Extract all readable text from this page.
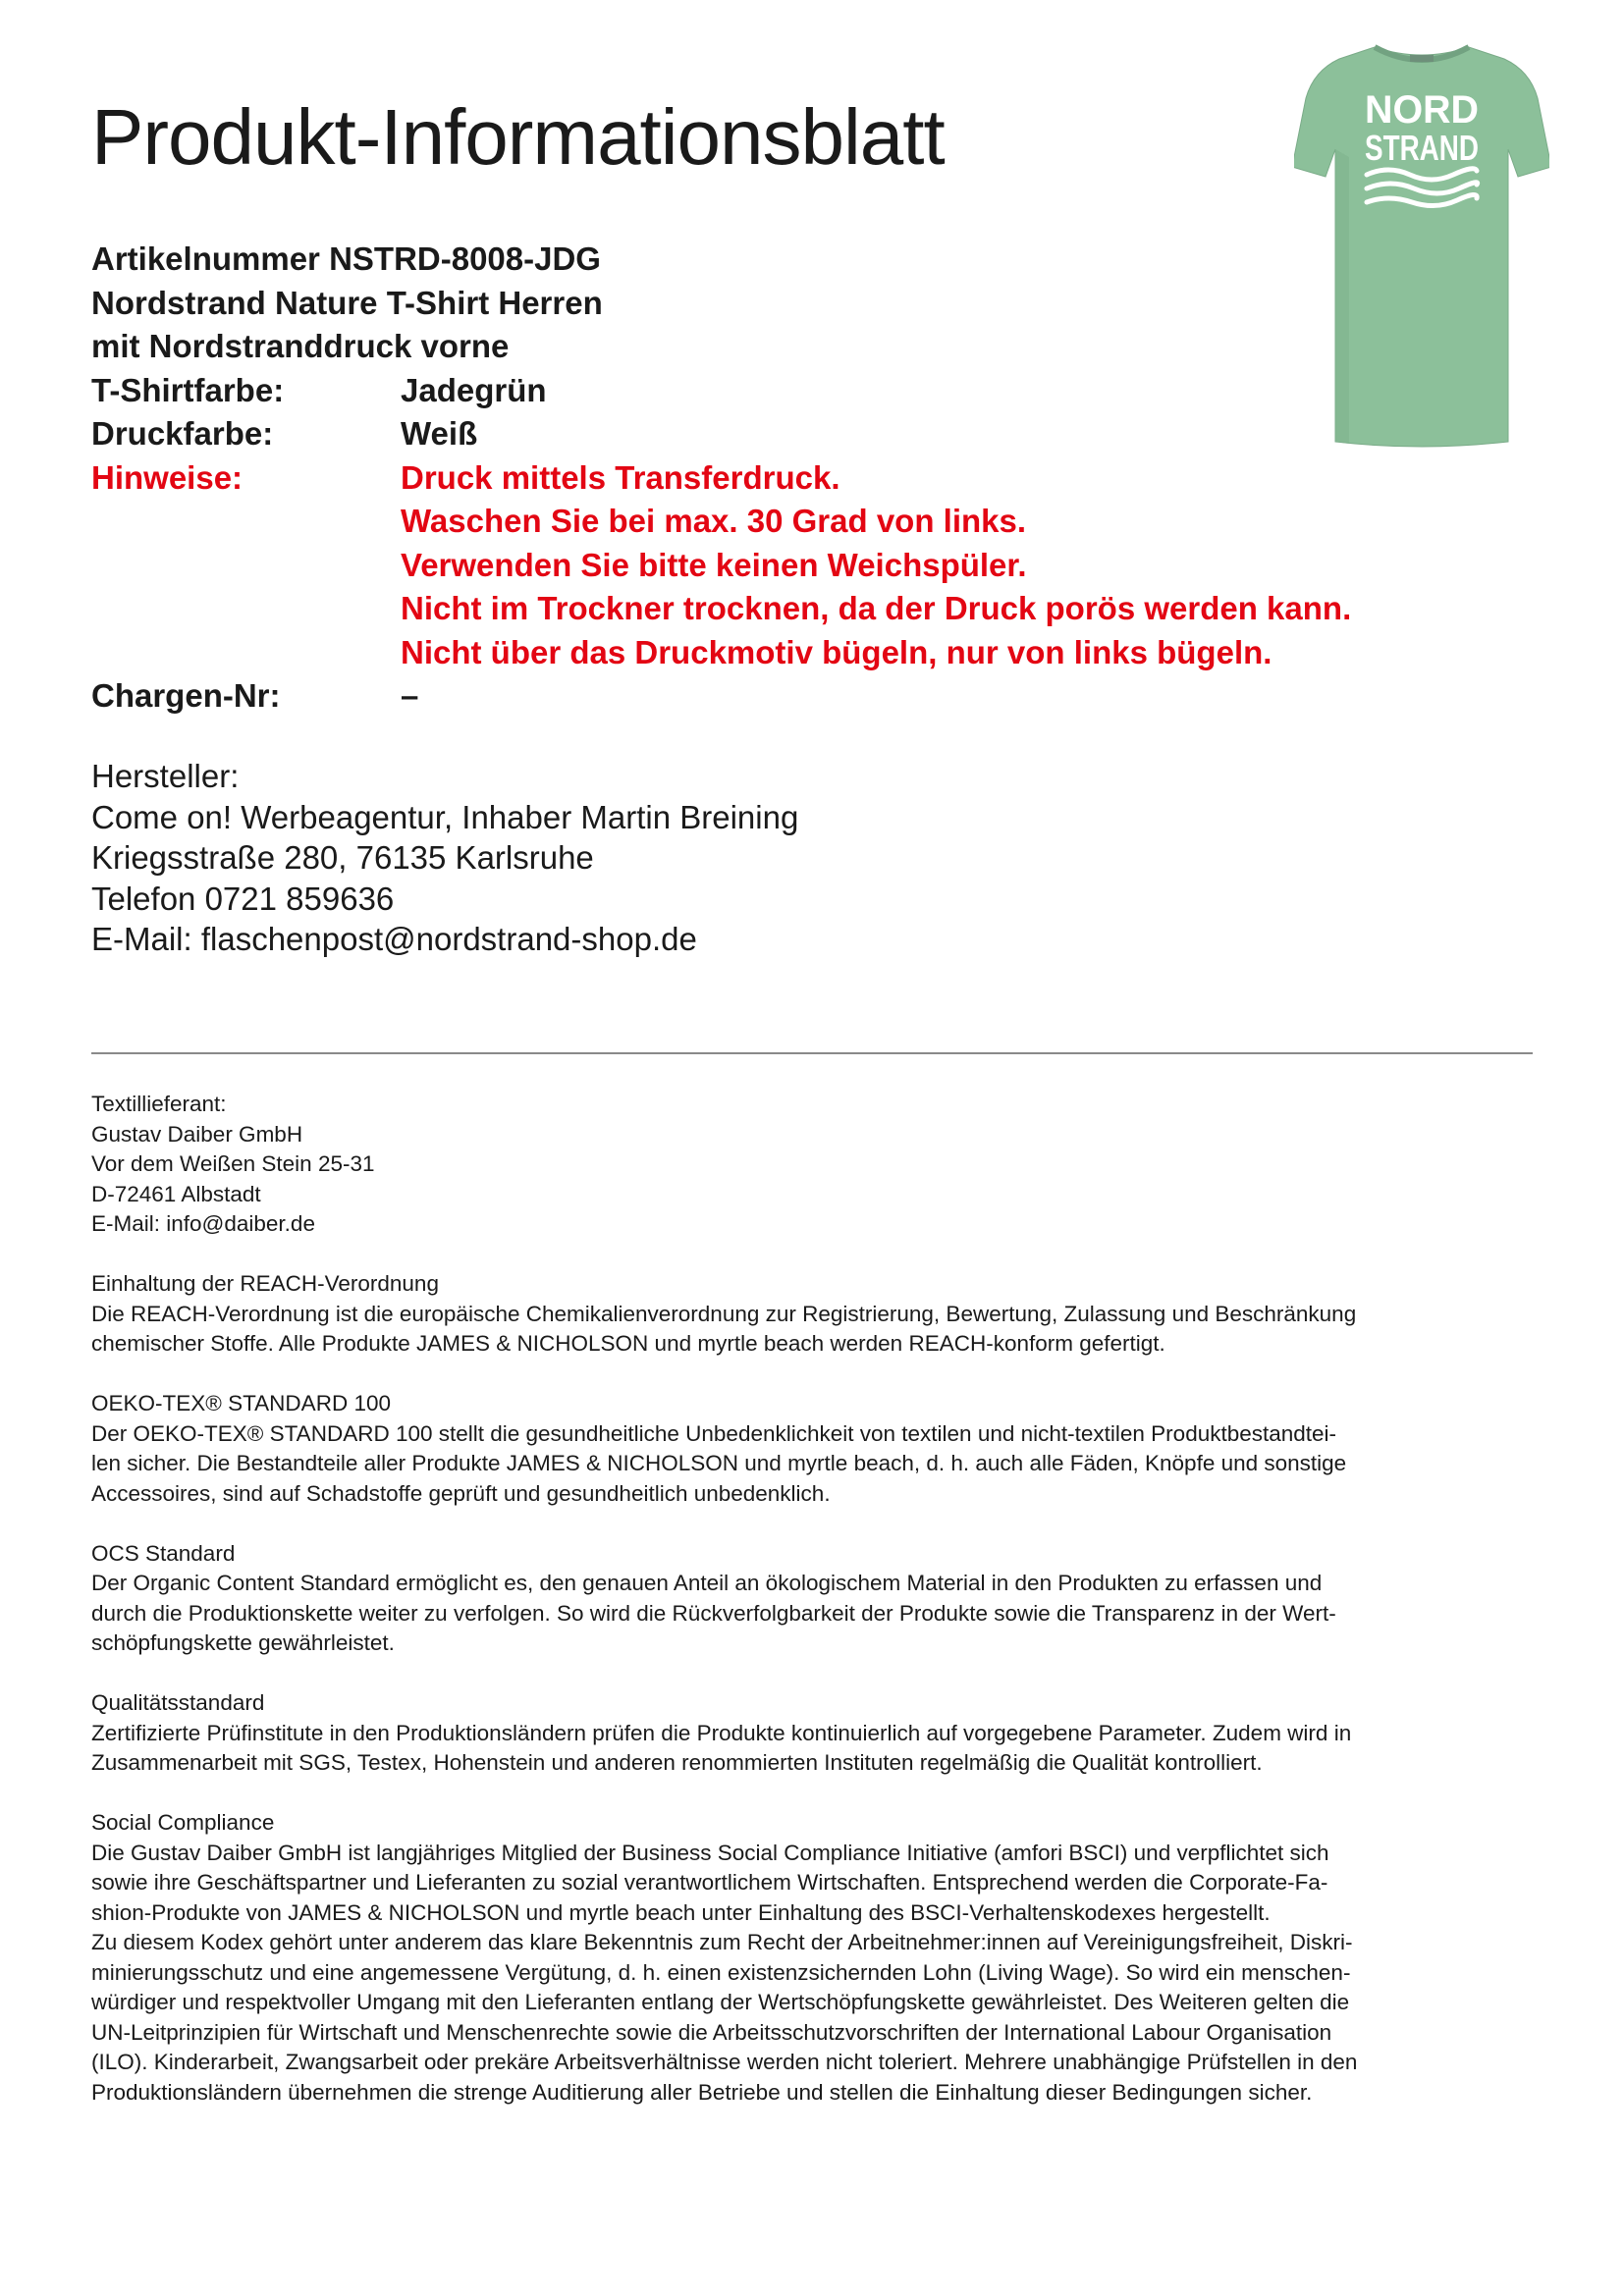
Produkt-Informationsblatt	NORD
STRAND
Artikelnummer NSTRD-8008-JDG
Nordstrand Nature T-Shirt Herren
mit Nordstranddruck vorne
T-Shirtfarbe:	Jadegrün
Druckfarbe:	Weiß
Hinweise:	Druck mittels Transferdruck.
Waschen Sie bei max. 30 Grad von links.
Verwenden Sie bitte keinen Weichspüler.
Nicht im Trockner trocknen, da der Druck porös werden kann.
Nicht über das Druckmotiv bügeln, nur von links bügeln.
Chargen-Nr:	–
Hersteller:
Come on! Werbeagentur, Inhaber Martin Breining
Kriegsstraße 280, 76135 Karlsruhe
Telefon 0721 859636
E-Mail: flaschenpost@nordstrand-shop.de
Textillieferant:
Gustav Daiber GmbH
Vor dem Weißen Stein 25-31
D-72461 Albstadt
E-Mail: info@daiber.de
Einhaltung der REACH-Verordnung

Die REACH-Verordnung ist die europäische Chemikalienverordnung zur Registrierung, Bewertung, Zulassung und Beschränkung

chemischer Stoffe. Alle Produkte JAMES & NICHOLSON und myrtle beach werden REACH-konform gefertigt.

OEKO-TEX® STANDARD 100

Der OEKO-TEX® STANDARD 100 stellt die gesundheitliche Unbedenklichkeit von textilen und nicht-textilen Produktbestandtei-

len sicher. Die Bestandteile aller Produkte JAMES & NICHOLSON und myrtle beach, d. h. auch alle Fäden, Knöpfe und sonstige

Accessoires, sind auf Schadstoffe geprüft und gesundheitlich unbedenklich.

OCS Standard

Der Organic Content Standard ermöglicht es, den genauen Anteil an ökologischem Material in den Produkten zu erfassen und

durch die Produktionskette weiter zu verfolgen. So wird die Rückverfolgbarkeit der Produkte sowie die Transparenz in der Wert-

schöpfungskette gewährleistet.

Qualitätsstandard

Zertifizierte Prüfinstitute in den Produktionsländern prüfen die Produkte kontinuierlich auf vorgegebene Parameter. Zudem wird in

Zusammenarbeit mit SGS, Testex, Hohenstein und anderen renommierten Instituten regelmäßig die Qualität kontrolliert.

Social Compliance

Die Gustav Daiber GmbH ist langjähriges Mitglied der Business Social Compliance Initiative (amfori BSCI) und verpflichtet sich

sowie ihre Geschäftspartner und Lieferanten zu sozial verantwortlichem Wirtschaften. Entsprechend werden die Corporate-Fa-

shion-Produkte von JAMES & NICHOLSON und myrtle beach unter Einhaltung des BSCI-Verhaltenskodexes hergestellt.

Zu diesem Kodex gehört unter anderem das klare Bekenntnis zum Recht der Arbeitnehmer:innen auf Vereinigungsfreiheit, Diskri-

minierungsschutz und eine angemessene Vergütung, d. h. einen existenzsichernden Lohn (Living Wage). So wird ein menschen-

würdiger und respektvoller Umgang mit den Lieferanten entlang der Wertschöpfungskette gewährleistet. Des Weiteren gelten die

UN-Leitprinzipien für Wirtschaft und Menschenrechte sowie die Arbeitsschutzvorschriften der International Labour Organisation

(ILO). Kinderarbeit, Zwangsarbeit oder prekäre Arbeitsverhältnisse werden nicht toleriert. Mehrere unabhängige Prüfstellen in den

Produktionsländern übernehmen die strenge Auditierung aller Betriebe und stellen die Einhaltung dieser Bedingungen sicher.
